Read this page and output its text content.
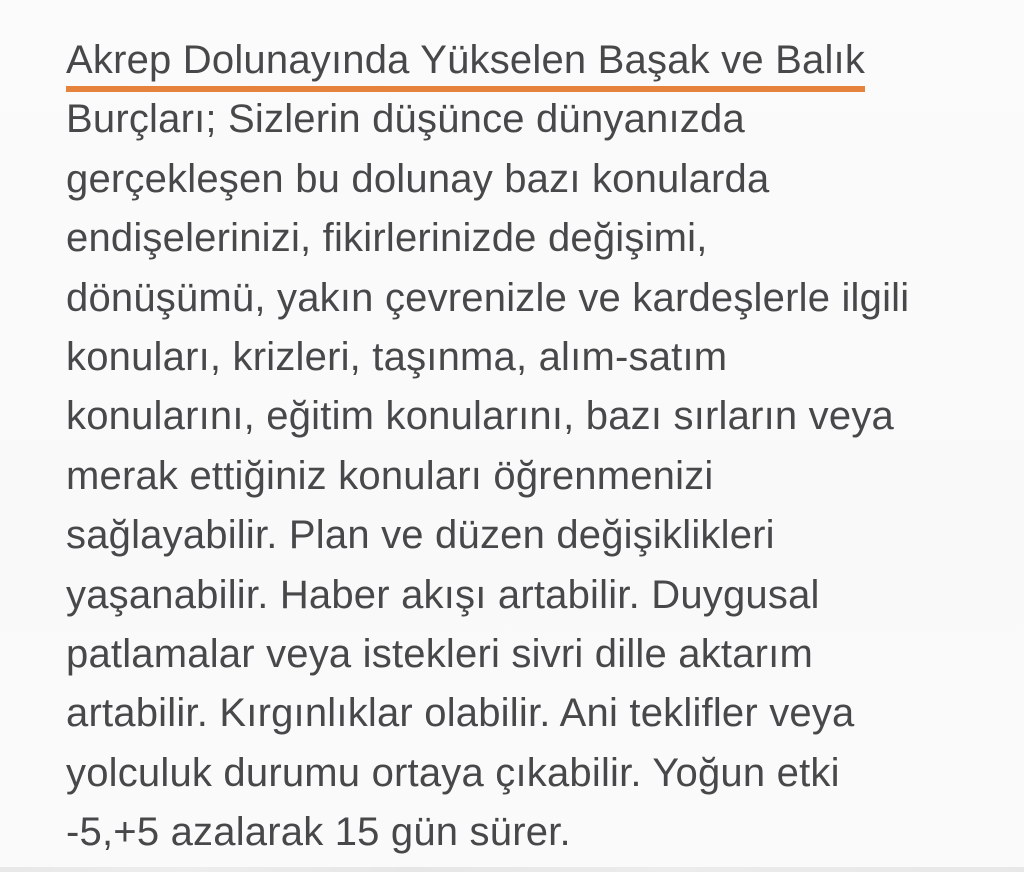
Akrep Dolunayında Yükselen Başak ve Balık
Burçları; Sizlerin düşünce dünyanızda
gerçekleşen bu dolunay bazı konularda
endişelerinizi, fikirlerinizde değişimi,
dönüşümü, yakın çevrenizle ve kardeşlerle ilgili
konuları, krizleri, taşınma, alım-satım
konularını, eğitim konularını, bazı sırların veya
merak ettiğiniz konuları öğrenmenizi
sağlayabilir. Plan ve düzen değişiklikleri
yaşanabilir. Haber akışı artabilir. Duygusal
patlamalar veya istekleri sivri dille aktarım
artabilir. Kırgınlıklar olabilir. Ani teklifler veya
yolculuk durumu ortaya çıkabilir. Yoğun etki
-5,+5 azalarak 15 gün sürer.
